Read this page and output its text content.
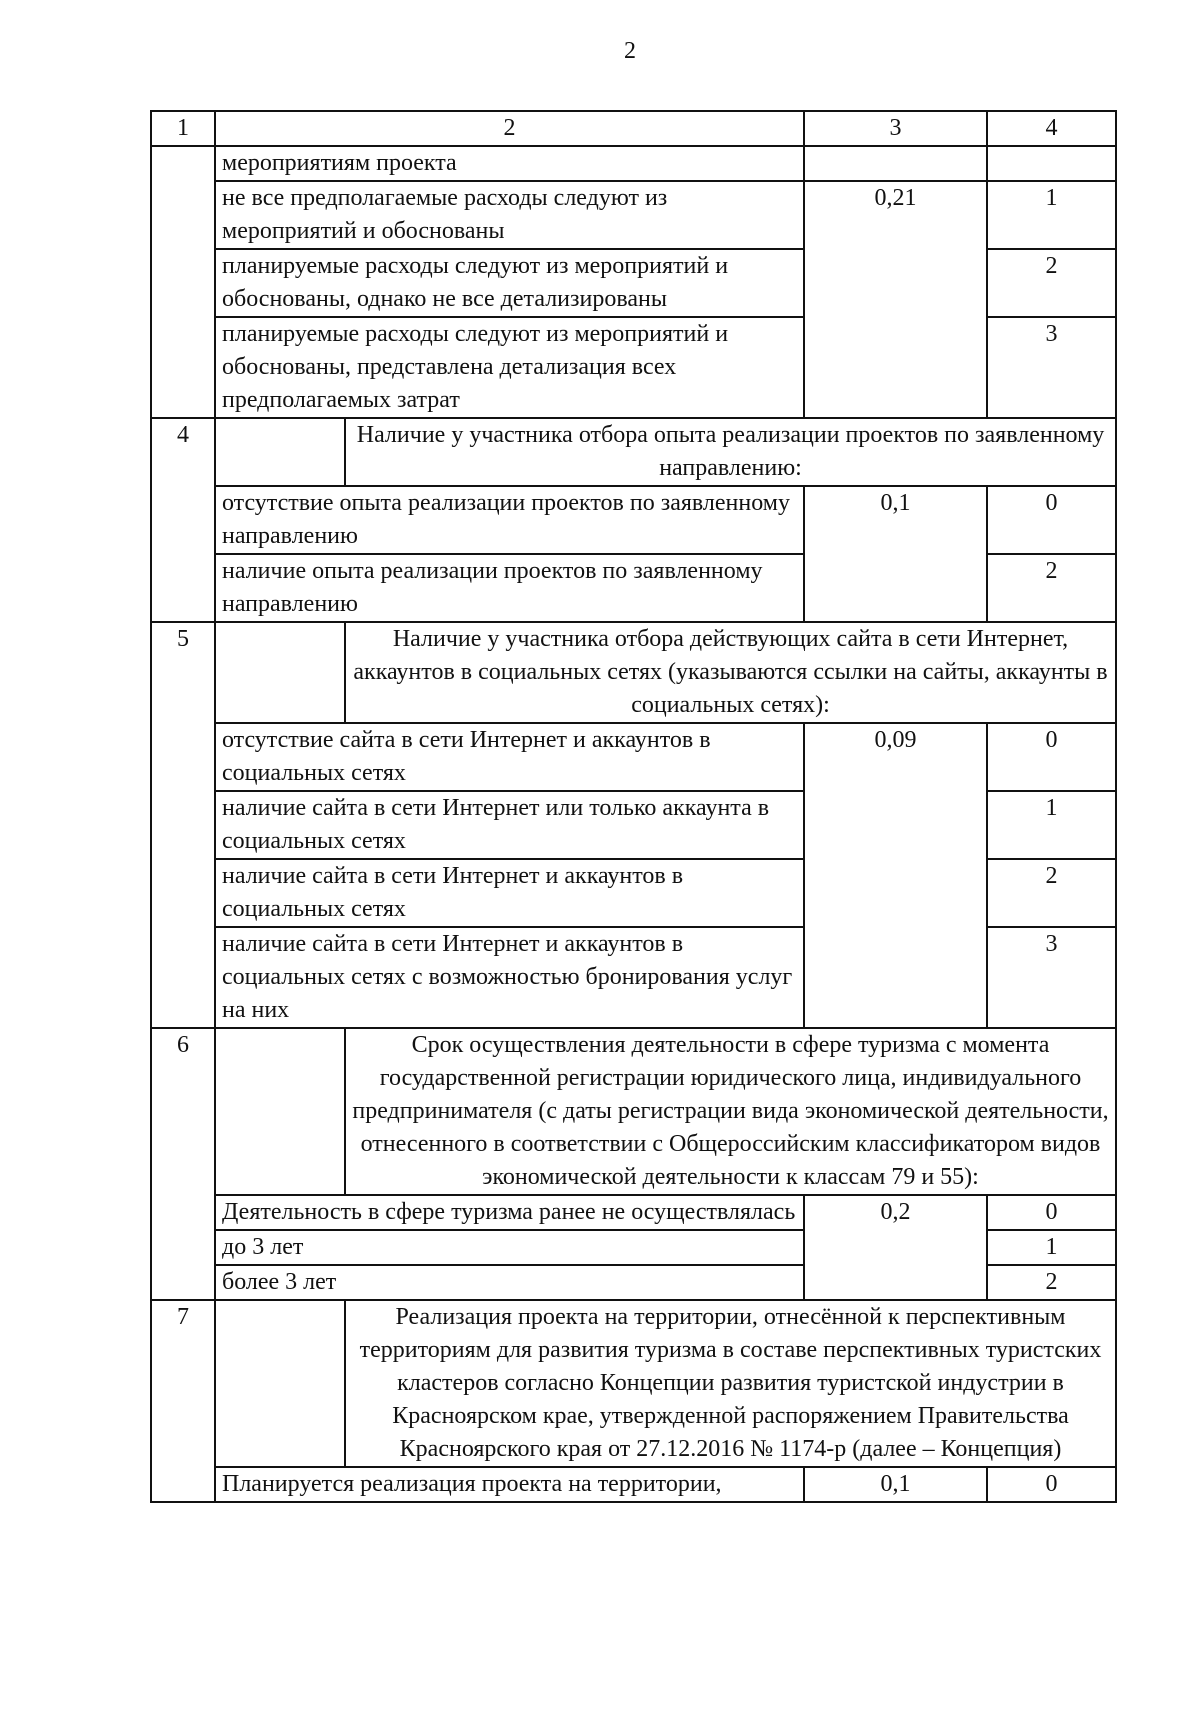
2
1	2		3	4
	мероприятиям проекта			
	не все предполагаемые расходы следуют из мероприятий и обоснованы		0,21	1
	планируемые расходы следуют из мероприятий и обоснованы, однако не все детализированы			2
	планируемые расходы следуют из мероприятий и обоснованы, представлена детализация всех предполагаемых затрат			3
4		Наличие у участника отбора опыта реализации проектов по заявленному направлению:		
	отсутствие опыта реализации проектов по заявленному направлению		0,1	0
	наличие опыта реализации проектов по заявленному направлению			2
5		Наличие у участника отбора действующих сайта в сети Интернет, аккаунтов в социальных сетях (указываются ссылки на сайты, аккаунты в социальных сетях):		
	отсутствие сайта в сети Интернет и аккаунтов в социальных сетях		0,09	0
	наличие сайта в сети Интернет или только аккаунта в социальных сетях			1
	наличие сайта в сети Интернет и аккаунтов в социальных сетях			2
	наличие сайта в сети Интернет и аккаунтов в социальных сетях с возможностью бронирования услуг на них			3
6		Срок осуществления деятельности в сфере туризма с момента государственной регистрации юридического лица, индивидуального предпринимателя (с даты регистрации вида экономической деятельности, отнесенного в соответствии с Общероссийским классификатором видов экономической деятельности к классам 79 и 55):		
	Деятельность в сфере туризма ранее не осуществлялась		0,2	0
	до 3 лет			1
	более 3 лет			2
7		Реализация проекта на территории, отнесённой к перспективным территориям для развития туризма в составе перспективных туристских кластеров согласно Концепции развития туристской индустрии в Красноярском крае, утвержденной распоряжением Правительства Красноярского края от 27.12.2016 № 1174-р (далее – Концепция)		
	Планируется реализация проекта на территории,		0,1	0
